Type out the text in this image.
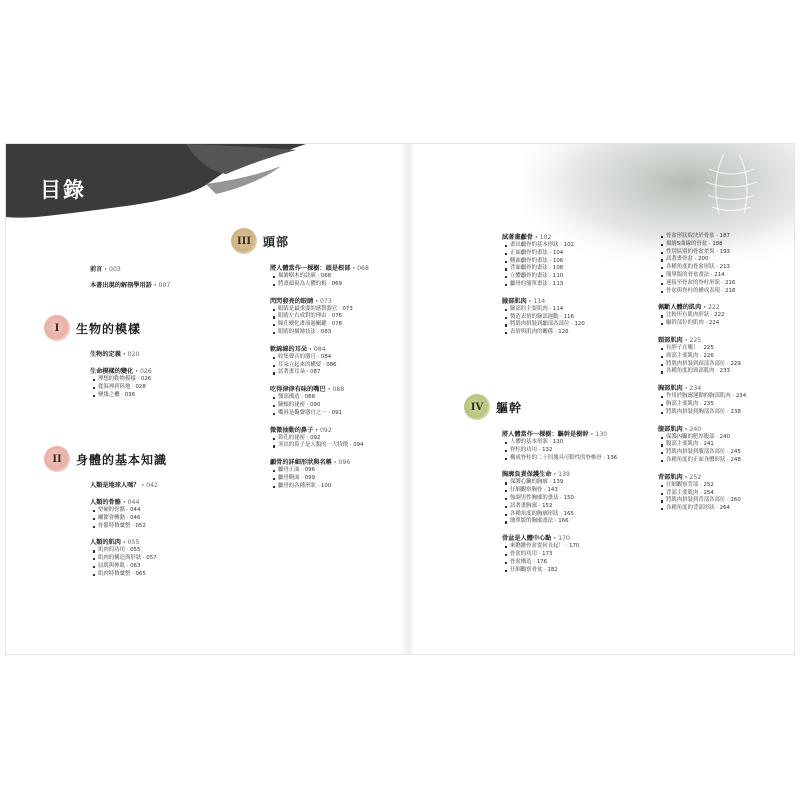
目錄
前言 · 003
本書出現的解剖學用語 · 007
I	生物的模樣
生物的定義 · 020
生命模樣的變化 · 026
理想的動物模樣 · 026
從海裡到陸地 · 028
變幾之機 · 036
II	身體的基本知識
人類是地球人嗎？ · 042
人類的骨骼 · 044
堅硬的骨骼 · 044
關節會轉動 · 046
骨骼特徵彙整 · 052
人類的肌肉 · 055
肌肉的功用 · 055
肌肉的構造與形狀 · 057
屈肌與伸肌 · 063
肌肉特徵彙整 · 065
III 頭部
將人體當作一棵樹：頭是根部 · 068
描繪樹木的訣竅 · 068
將畫頭視為人體的根 · 069
閃閃發亮的眼睛 · 073
眼睛是最重要的感覺器官 · 073
眼睛左右成對的理由 · 076
瞳孔變化畫演過關鍵 · 078
眼睛的描繪技法 · 083
軟綿綿的耳朵 · 084
收集聲音的器官 · 084
耳朵立起來的構要 · 086
試著畫耳朵 · 087
吃得津津有味的嘴巴 · 088
顎部構造 · 088
臉頰的祕密 · 090
嘴唇是擬聲器官之一 · 091
微微抽動的鼻子 · 092
鼻孔的祕密 · 092
突出的鼻子是人類的一大特徵 · 094
顱骨的詳細形狀與名稱 · 096
顱骨正面 · 096
顱骨側面 · 099
顱骨的各種形狀 · 100
試著畫顱骨 · 102
畫出顱骨的基本形狀 · 102
正面顱骨的畫法 · 104
側面顱骨的畫法 · 106
背面顱骨的畫法 · 108
立體顱骨的畫法 · 110
顱骨的簡單畫法 · 113
臉部肌肉 · 114
臉部的主要肌肉 · 114
製造表情的臉部運動 · 116
將肌肉拼裝到顱部各部位 · 120
表情與肌肉的關係 · 126
IV	軀幹
將人體當作一棵樹：驅幹是樹幹 · 130
人體的基本形狀 · 130
脊柱的功用 · 132
構成脊柱的二十四塊具可動性的脊椎骨 · 136
胸廓負責保護生命 · 139
保護心臟的胸廓 · 139
仔細觀察胸骨 · 143
強調男性胸廓的畫法 · 150
試著畫胸廓 · 152
各種角度的胸廓形狀 · 165
簡單版的胸廓畫法 · 166
骨盆是人體中心點 · 170
來瞧瞧骨盆從何長起！ · 170
骨盆的功用 · 173
骨盆構造 · 176
仔細觀察骨盆 · 182
骨盆形狀取決於骨盆 · 187
描繪S曲線的骨盆 · 188
性別區別的骨盆差異 · 193
試著畫骨盆 · 200
各種角度的骨盆形狀 · 213
簡單版的骨盆畫法 · 214
連接至骨盆的脊柱形狀 · 216
骨盆與脊柱的構成表現 · 218
佩斷人體的肌肉 · 222
比較所有肌肉形狀 · 222
驅幹部位的肌肉 · 224
頸部肌肉 · 225
長脖子在哪！ · 225
頸部主要肌肉 · 226
將肌肉拼裝到頸部各部位 · 229
各種角度的頸部肌肉 · 233
胸部肌肉 · 234
作用於胸廓運動的胸部肌肉 · 234
胸部主要肌肉 · 235
將肌肉拼裝到胸部各部位 · 238
腹部肌肉 · 240
保護內臟的肥厚腹部 · 240
腹部主要肌肉 · 241
將肌肉拼裝到腹部各部位 · 245
各種角度的正面身體形狀 · 248
背部肌肉 · 252
仔細觀察背部 · 252
背部主要肌肉 · 254
將肌肉拼裝到背部各部位 · 260
各種角度的背部形狀 · 264
